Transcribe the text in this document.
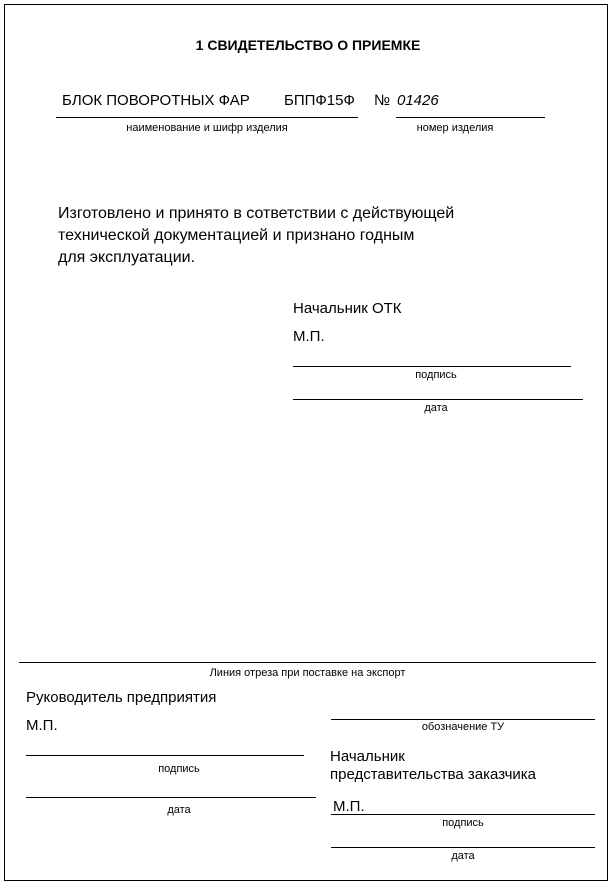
1 СВИДЕТЕЛЬСТВО О ПРИЕМКЕ
БЛОК ПОВОРОТНЫХ ФАР БППФ15Ф № 01426
наименование и шифр изделия	номер изделия
Изготовлено и принято в сответствии с действующей
технической документацией и признано годным
для эксплуатации.
Начальник ОТК
М.П.
подпись
дата
Линия отреза при поставке на экспорт
Руководитель предприятия
М.П.
подпись
дата
обозначение ТУ
Начальник
представительства заказчика
М.П.
подпись
дата
